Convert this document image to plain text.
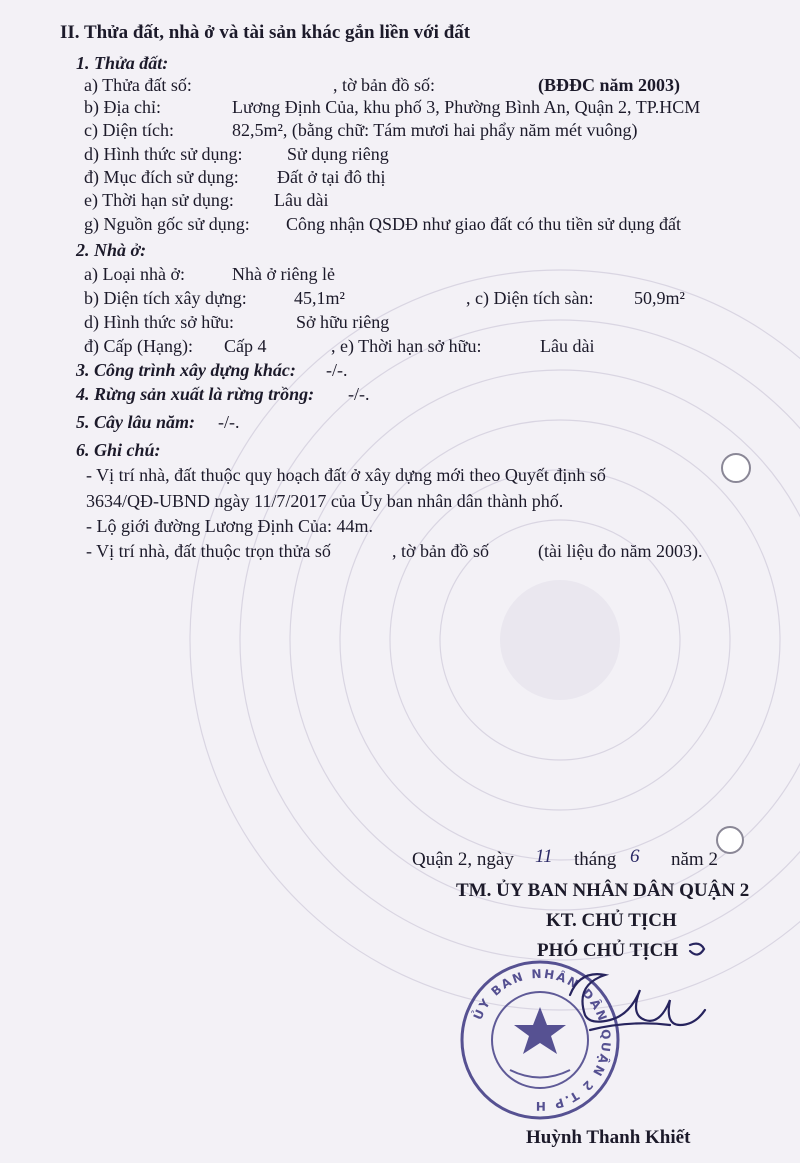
II. Thửa đất, nhà ở và tài sản khác gắn liền với đất
1. Thửa đất:
a) Thửa đất số:	, tờ bản đồ số:	(BĐĐC năm 2003)
b) Địa chỉ:	Lương Định Của, khu phố 3, Phường Bình An, Quận 2, TP.HCM
c) Diện tích:	82,5m², (bằng chữ: Tám mươi hai phẩy năm mét vuông)
d) Hình thức sử dụng: Sử dụng riêng
đ) Mục đích sử dụng: Đất ở tại đô thị
e) Thời hạn sử dụng: Lâu dài
g) Nguồn gốc sử dụng: Công nhận QSDĐ như giao đất có thu tiền sử dụng đất
2. Nhà ở:
a) Loại nhà ở:	Nhà ở riêng lẻ
b) Diện tích xây dựng:	45,1m²	, c) Diện tích sàn: 50,9m²
d) Hình thức sở hữu:	Sở hữu riêng
đ) Cấp (Hạng): Cấp 4	, e) Thời hạn sở hữu:	Lâu dài
3. Công trình xây dựng khác: -/-.
4. Rừng sản xuất là rừng trồng: -/-.
5. Cây lâu năm: -/-.
6. Ghi chú:
- Vị trí nhà, đất thuộc quy hoạch đất ở xây dựng mới theo Quyết định số
3634/QĐ-UBND ngày 11/7/2017 của Ủy ban nhân dân thành phố.
- Lộ giới đường Lương Định Của: 44m.
- Vị trí nhà, đất thuộc trọn thửa số	, tờ bản đồ số	(tài liệu đo năm 2003).
Quận 2, ngày 11 tháng 6 năm 2
TM. ỦY BAN NHÂN DÂN QUẬN 2
KT. CHỦ TỊCH
PHÓ CHỦ TỊCH
ỦY BAN NHÂN DÂN QUẬN 2 T.P H
Huỳnh Thanh Khiết
